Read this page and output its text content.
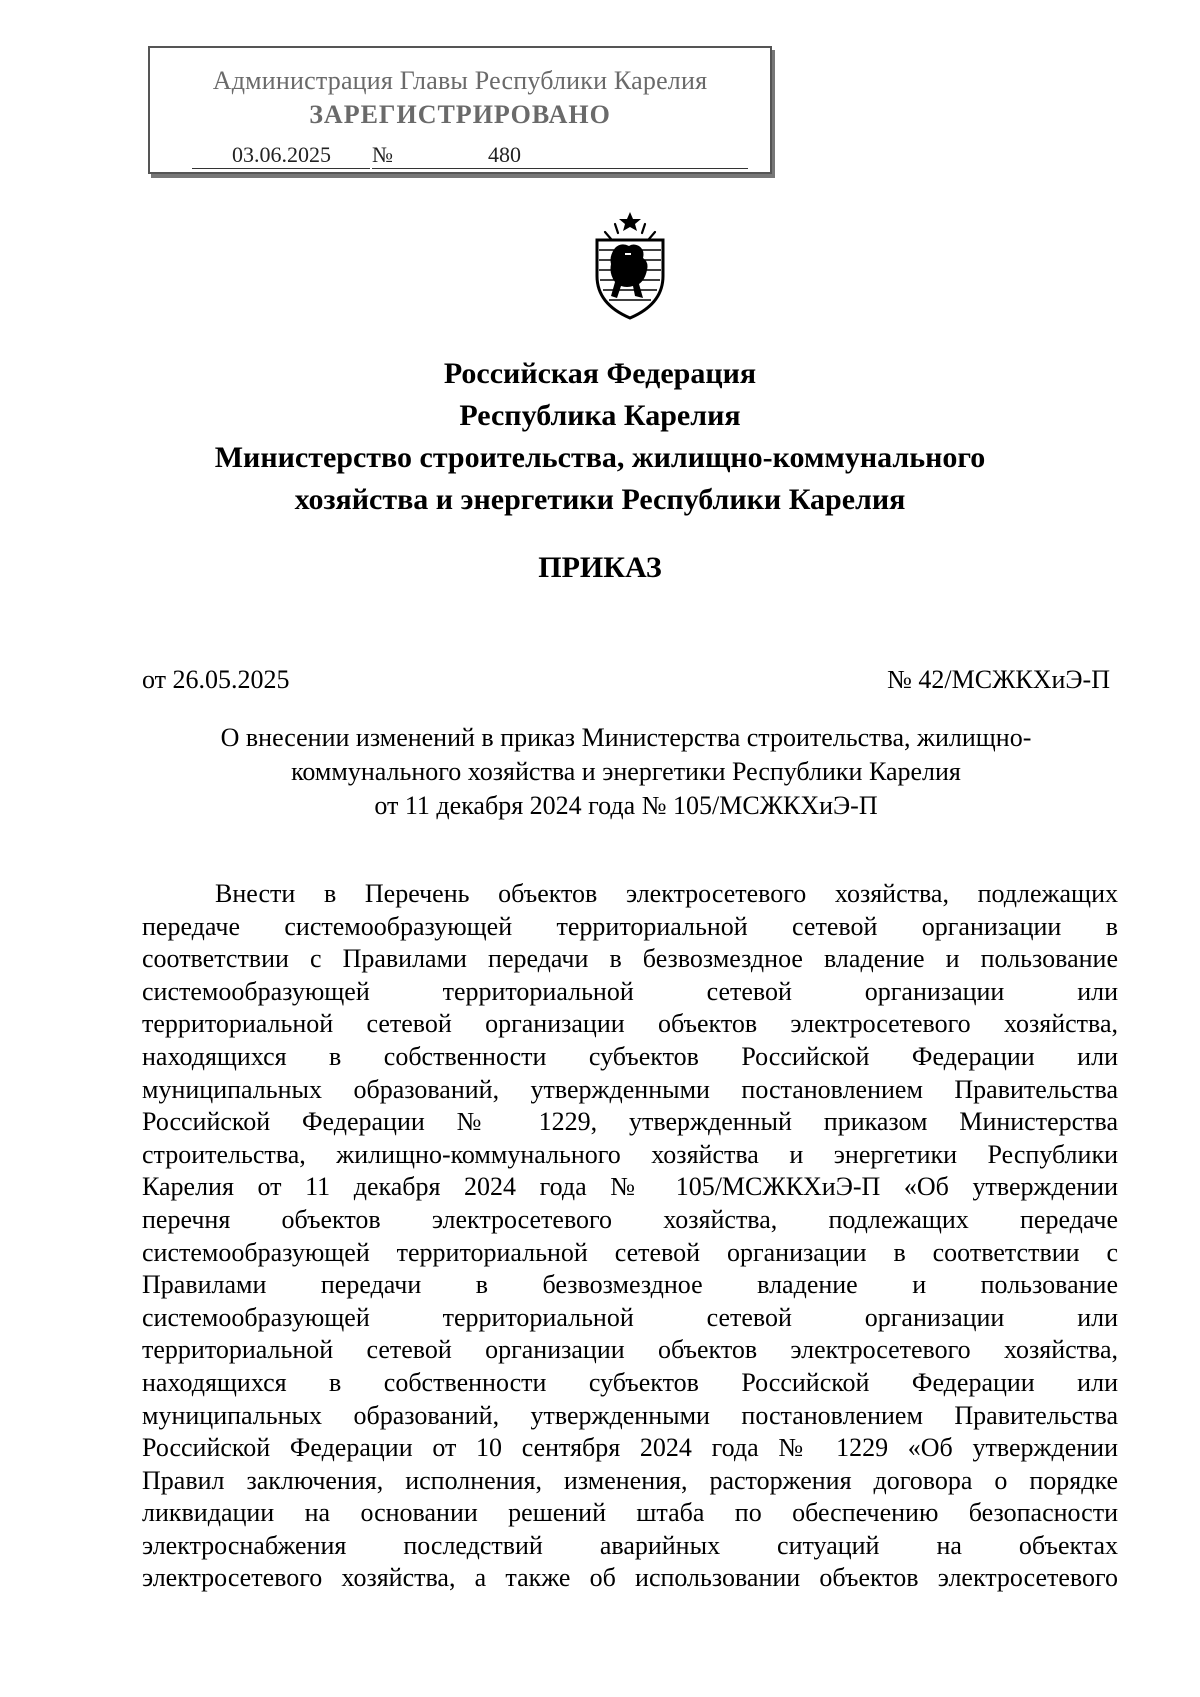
Администрация Главы Республики Карелия
ЗАРЕГИСТРИРОВАНО
03.06.2025	№	480
Российская Федерация
Республика Карелия
Министерство строительства, жилищно-коммунального
хозяйства и энергетики Республики Карелия
ПРИКАЗ
от 26.05.2025	№ 42/МСЖКХиЭ-П
О внесении изменений в приказ Министерства строительства, жилищно-
коммунального хозяйства и энергетики Республики Карелия
от 11 декабря 2024 года № 105/МСЖКХиЭ-П
Внести в Перечень объектов электросетевого хозяйства, подлежащих
передаче системообразующей территориальной сетевой организации в
соответствии с Правилами передачи в безвозмездное владение и пользование
системообразующей территориальной сетевой организации или
территориальной сетевой организации объектов электросетевого хозяйства,
находящихся в собственности субъектов Российской Федерации или
муниципальных образований, утвержденными постановлением Правительства
Российской Федерации № 1229, утвержденный приказом Министерства
строительства, жилищно-коммунального хозяйства и энергетики Республики
Карелия от 11 декабря 2024 года № 105/МСЖКХиЭ-П «Об утверждении
перечня объектов электросетевого хозяйства, подлежащих передаче
системообразующей территориальной сетевой организации в соответствии с
Правилами передачи в безвозмездное владение и пользование
системообразующей территориальной сетевой организации или
территориальной сетевой организации объектов электросетевого хозяйства,
находящихся в собственности субъектов Российской Федерации или
муниципальных образований, утвержденными постановлением Правительства
Российской Федерации от 10 сентября 2024 года № 1229 «Об утверждении
Правил заключения, исполнения, изменения, расторжения договора о порядке
ликвидации на основании решений штаба по обеспечению безопасности
электроснабжения последствий аварийных ситуаций на объектах
электросетевого хозяйства, а также об использовании объектов электросетевого
